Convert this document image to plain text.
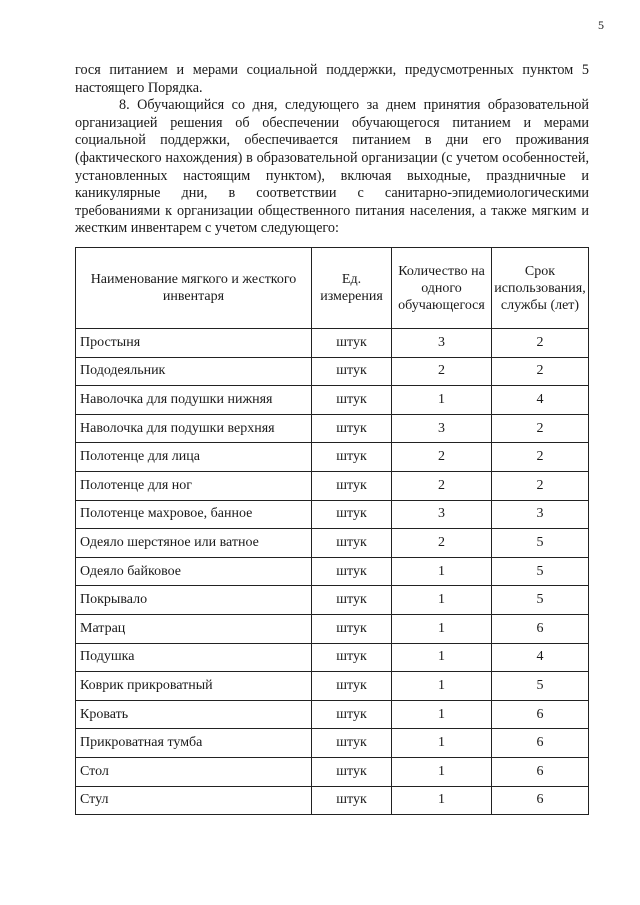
5

гося питанием и мерами социальной поддержки, предусмотренных пунктом 5 настоящего Порядка.

8. Обучающийся со дня, следующего за днем принятия образовательной организацией решения об обеспечении обучающегося питанием и мерами социальной поддержки, обеспечивается питанием в дни его проживания (фактического нахождения) в образовательной организации (с учетом особенностей, установленных настоящим пунктом), включая выходные, праздничные и каникулярные дни, в соответствии с санитарно-эпидемиологическими требованиями к организации общественного питания населения, а также мягким и жестким инвентарем с учетом следующего:

Наименование мягкого и жесткого инвентаря	Ед. измерения	Количество на одного обучающегося	Срок использования, службы (лет)
Простыня	штук	3	2
Пододеяльник	штук	2	2
Наволочка для подушки нижняя	штук	1	4
Наволочка для подушки верхняя	штук	3	2
Полотенце для лица	штук	2	2
Полотенце для ног	штук	2	2
Полотенце махровое, банное	штук	3	3
Одеяло шерстяное или ватное	штук	2	5
Одеяло байковое	штук	1	5
Покрывало	штук	1	5
Матрац	штук	1	6
Подушка	штук	1	4
Коврик прикроватный	штук	1	5
Кровать	штук	1	6
Прикроватная тумба	штук	1	6
Стол	штук	1	6
Стул	штук	1	6
